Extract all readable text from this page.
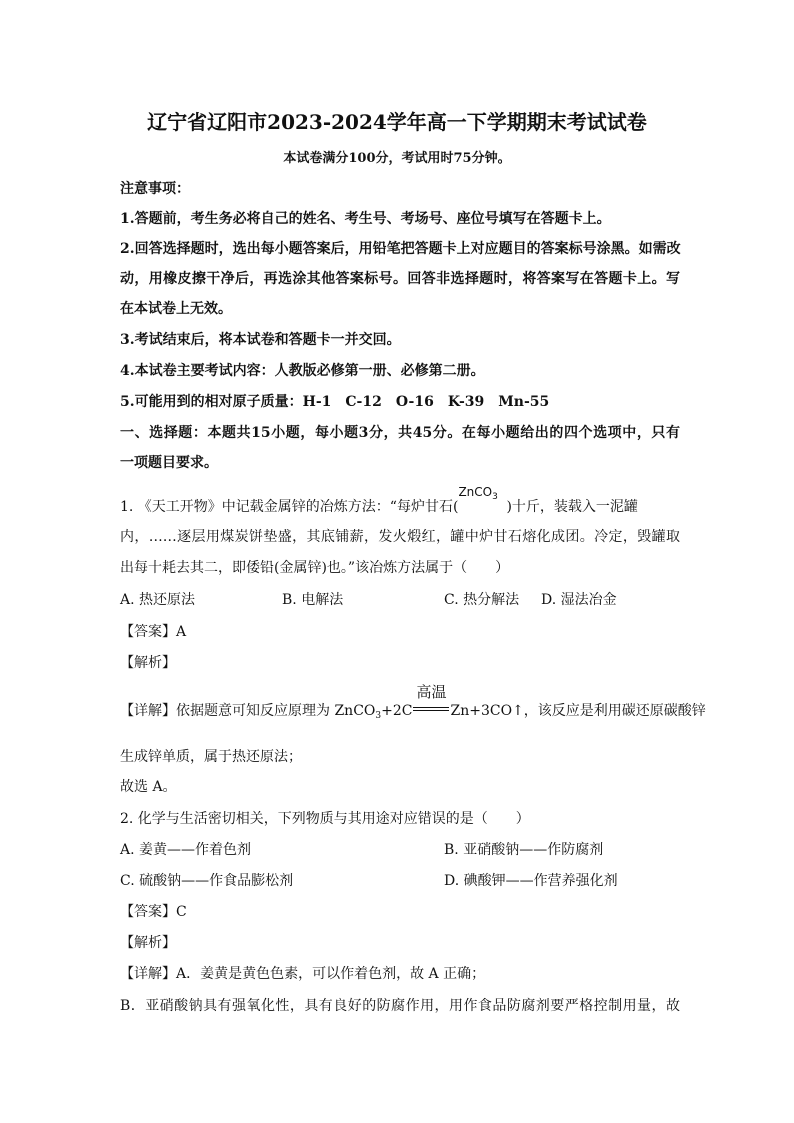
辽宁省辽阳市2023-2024学年高一下学期期末考试试卷
本试卷满分100分，考试用时75分钟。
注意事项：
1.答题前，考生务必将自己的姓名、考生号、考场号、座位号填写在答题卡上。
2.回答选择题时，选出每小题答案后，用铅笔把答题卡上对应题目的答案标号涂黑。如需改
动，用橡皮擦干净后，再选涂其他答案标号。回答非选择题时，将答案写在答题卡上。写
在本试卷上无效。
3.考试结束后，将本试卷和答题卡一并交回。
4.本试卷主要考试内容：人教版必修第一册、必修第二册。
5.可能用到的相对原子质量：H-1　C-12　O-16　K-39　Mn-55
一、选择题：本题共15小题，每小题3分，共45分。在每小题给出的四个选项中，只有
一项题目要求。
1. 《天工开物》中记载金属锌的冶炼方法：“每炉甘石(
ZnCO$_3$
)十斤，装载入一泥罐
内，……逐层用煤炭饼垫盛，其底铺薪，发火煅红，罐中炉甘石熔化成团。冷定，毁罐取
出每十耗去其二，即倭铅(金属锌)也。”该冶炼方法属于（　　）
A. 热还原法	B. 电解法	C. 热分解法 D. 湿法冶金
【答案】A
【解析】
【详解】依据题意可知反应原理为 ZnCO$_3$+2C
高温
Zn+3CO↑，该反应是利用碳还原碳酸锌
生成锌单质，属于热还原法；
故选 A。
2. 化学与生活密切相关，下列物质与其用途对应错误的是（　　）
A. 姜黄——作着色剂	B. 亚硝酸钠——作防腐剂
C. 硫酸钠——作食品膨松剂	D. 碘酸钾——作营养强化剂
【答案】C
【解析】
【详解】A．姜黄是黄色色素，可以作着色剂，故 A 正确；
B．亚硝酸钠具有强氧化性，具有良好的防腐作用，用作食品防腐剂要严格控制用量，故
